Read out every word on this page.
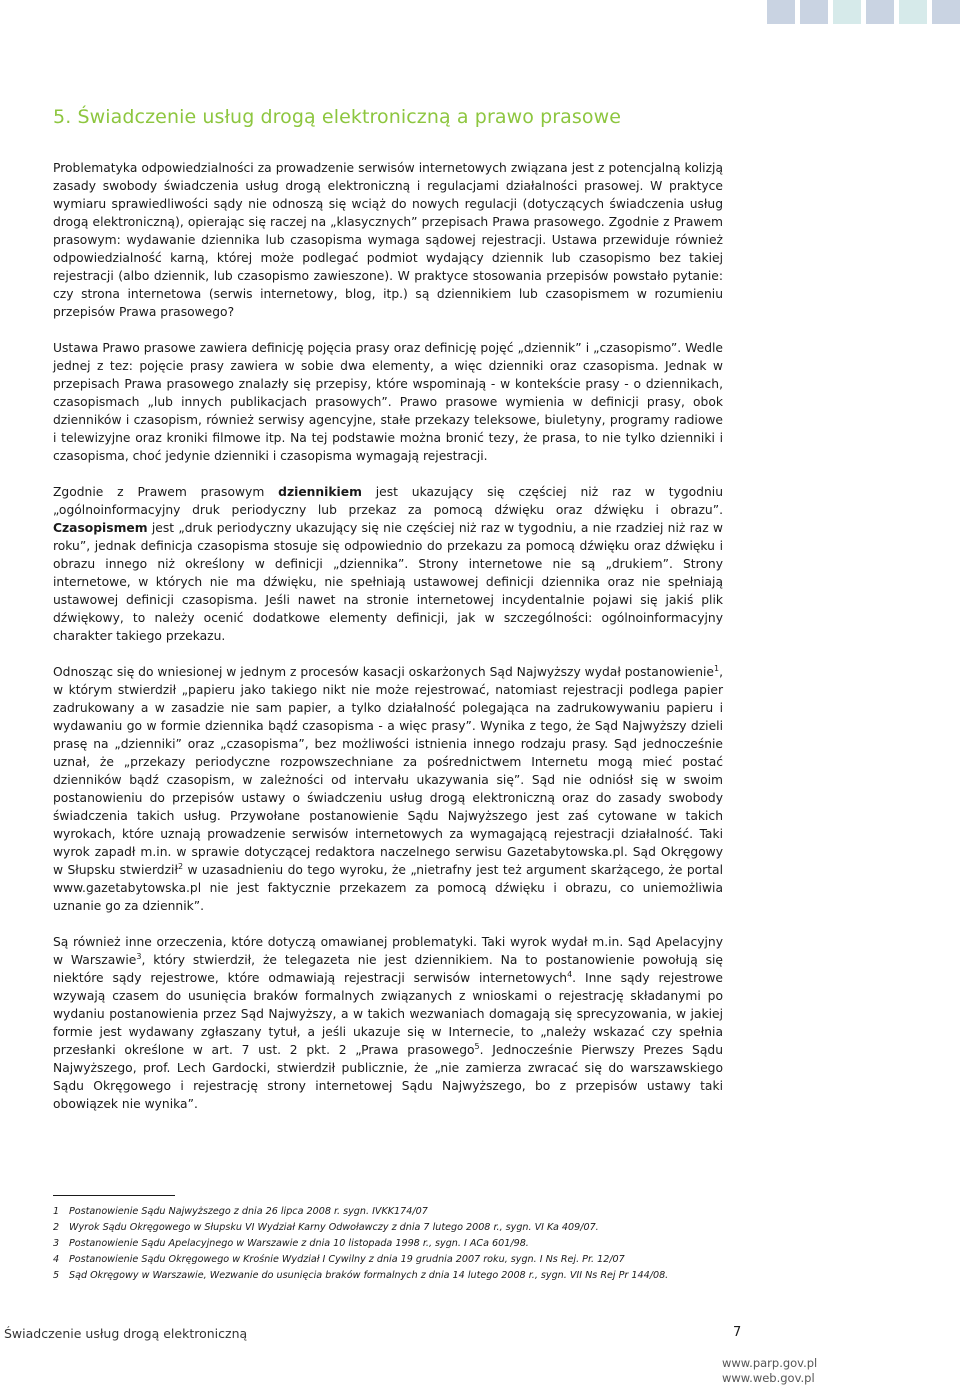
5. Świadczenie usług drogą elektroniczną a prawo prasowe

Problematyka odpowiedzialności za prowadzenie serwisów internetowych związana jest z potencjalną kolizją zasady swobody świadczenia usług drogą elektroniczną i regulacjami działalności prasowej. W praktyce wymiaru sprawiedliwości sądy nie odnoszą się wciąż do nowych regulacji (dotyczących świadczenia usług drogą elektroniczną), opierając się raczej na „klasycznych” przepisach Prawa prasowego. Zgodnie z Prawem prasowym: wydawanie dziennika lub czasopisma wymaga sądowej rejestracji. Ustawa przewiduje również odpowiedzialność karną, której może podlegać podmiot wydający dziennik lub czasopismo bez takiej rejestracji (albo dziennik, lub czasopismo zawieszone). W praktyce stosowania przepisów powstało pytanie: czy strona internetowa (serwis internetowy, blog, itp.) są dziennikiem lub czasopismem w rozumieniu przepisów Prawa prasowego?

Ustawa Prawo prasowe zawiera definicję pojęcia prasy oraz definicję pojęć „dziennik” i „czasopismo”. Wedle jednej z tez: pojęcie prasy zawiera w sobie dwa elementy, a więc dzienniki oraz czasopisma. Jednak w przepisach Prawa prasowego znalazły się przepisy, które wspominają - w kontekście prasy - o dziennikach, czasopismach „lub innych publikacjach prasowych”. Prawo prasowe wymienia w definicji prasy, obok dzienników i czasopism, również serwisy agencyjne, stałe przekazy teleksowe, biuletyny, programy radiowe i telewizyjne oraz kroniki filmowe itp. Na tej podstawie można bronić tezy, że prasa, to nie tylko dzienniki i czasopisma, choć jedynie dzienniki i czasopisma wymagają rejestracji.

Zgodnie z Prawem prasowym dziennikiem jest ukazujący się częściej niż raz w tygodniu „ogólnoinformacyjny druk periodyczny lub przekaz za pomocą dźwięku oraz dźwięku i obrazu”. Czasopismem jest „druk periodyczny ukazujący się nie częściej niż raz w tygodniu, a nie rzadziej niż raz w roku”, jednak definicja czasopisma stosuje się odpowiednio do przekazu za pomocą dźwięku oraz dźwięku i obrazu innego niż określony w definicji „dziennika”. Strony internetowe nie są „drukiem”. Strony internetowe, w których nie ma dźwięku, nie spełniają ustawowej definicji dziennika oraz nie spełniają ustawowej definicji czasopisma. Jeśli nawet na stronie internetowej incydentalnie pojawi się jakiś plik dźwiękowy, to należy ocenić dodatkowe elementy definicji, jak w szczególności: ogólnoinformacyjny charakter takiego przekazu.

Odnosząc się do wniesionej w jednym z procesów kasacji oskarżonych Sąd Najwyższy wydał postanowienie$^1$, w którym stwierdził „papieru jako takiego nikt nie może rejestrować, natomiast rejestracji podlega papier zadrukowany a w zasadzie nie sam papier, a tylko działalność polegająca na zadrukowywaniu papieru i wydawaniu go w formie dziennika bądź czasopisma - a więc prasy”. Wynika z tego, że Sąd Najwyższy dzieli prasę na „dzienniki” oraz „czasopisma”, bez możliwości istnienia innego rodzaju prasy. Sąd jednocześnie uznał, że „przekazy periodyczne rozpowszechniane za pośrednictwem Internetu mogą mieć postać dzienników bądź czasopism, w zależności od intervału ukazywania się”. Sąd nie odniósł się w swoim postanowieniu do przepisów ustawy o świadczeniu usług drogą elektroniczną oraz do zasady swobody świadczenia takich usług. Przywołane postanowienie Sądu Najwyższego jest zaś cytowane w takich wyrokach, które uznają prowadzenie serwisów internetowych za wymagającą rejestracji działalność. Taki wyrok zapadł m.in. w sprawie dotyczącej redaktora naczelnego serwisu Gazetabytowska.pl. Sąd Okręgowy w Słupsku stwierdził$^2$ w uzasadnieniu do tego wyroku, że „nietrafny jest też argument skarżącego, że portal www.gazetabytowska.pl nie jest faktycznie przekazem za pomocą dźwięku i obrazu, co uniemożliwia uznanie go za dziennik”.

Są również inne orzeczenia, które dotyczą omawianej problematyki. Taki wyrok wydał m.in. Sąd Apelacyjny w Warszawie$^3$, który stwierdził, że telegazeta nie jest dziennikiem. Na to postanowienie powołują się niektóre sądy rejestrowe, które odmawiają rejestracji serwisów internetowych$^4$. Inne sądy rejestrowe wzywają czasem do usunięcia braków formalnych związanych z wnioskami o rejestrację składanymi po wydaniu postanowienia przez Sąd Najwyższy, a w takich wezwaniach domagają się sprecyzowania, w jakiej formie jest wydawany zgłaszany tytuł, a jeśli ukazuje się w Internecie, to „należy wskazać czy spełnia przesłanki określone w art. 7 ust. 2 pkt. 2 „Prawa prasowego$^5$. Jednocześnie Pierwszy Prezes Sądu Najwyższego, prof. Lech Gardocki, stwierdził publicznie, że „nie zamierza zwracać się do warszawskiego Sądu Okręgowego i rejestrację strony internetowej Sądu Najwyższego, bo z przepisów ustawy taki obowiązek nie wynika”.

1	Postanowienie Sądu Najwyższego z dnia 26 lipca 2008 r. sygn. IVKK174/07
2	Wyrok Sądu Okręgowego w Słupsku VI Wydział Karny Odwoławczy z dnia 7 lutego 2008 r., sygn. VI Ka 409/07.
3	Postanowienie Sądu Apelacyjnego w Warszawie z dnia 10 listopada 1998 r., sygn. I ACa 601/98.
4	Postanowienie Sądu Okręgowego w Krośnie Wydział I Cywilny z dnia 19 grudnia 2007 roku, sygn. I Ns Rej. Pr. 12/07
5	Sąd Okręgowy w Warszawie, Wezwanie do usunięcia braków formalnych z dnia 14 lutego 2008 r., sygn. VII Ns Rej Pr 144/08.
Świadczenie usług drogą elektroniczną	7
www.parp.gov.pl
www.web.gov.pl
